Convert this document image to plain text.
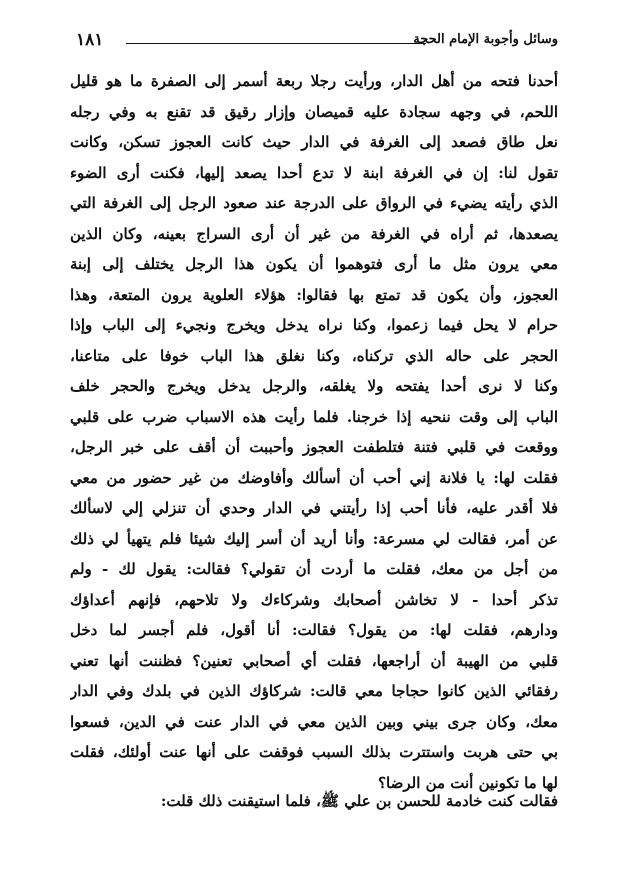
وسائل وأجوبة الإمام الحجة
١٨١
أحدنا فتحه من أهل الدار، ورأيت رجلا ربعة أسمر إلى الصفرة ما هو قليل
اللحم، في وجهه سجادة عليه قميصان وإزار رقيق قد تقنع به وفي رجله
نعل طاق فصعد إلى الغرفة في الدار حيث كانت العجوز تسكن، وكانت
تقول لنا: إن في الغرفة ابنة لا تدع أحدا يصعد إليها، فكنت أرى الضوء
الذي رأيته يضيء في الرواق على الدرجة عند صعود الرجل إلى الغرفة التي
يصعدها، ثم أراه في الغرفة من غير أن أرى السراج بعينه، وكان الذين
معي يرون مثل ما أرى فتوهموا أن يكون هذا الرجل يختلف إلى إبنة
العجوز، وأن يكون قد تمتع بها فقالوا: هؤلاء العلوية يرون المتعة، وهذا
حرام لا يحل فيما زعموا، وكنا نراه يدخل ويخرج ونجيء إلى الباب وإذا
الحجر على حاله الذي تركناه، وكنا نغلق هذا الباب خوفا على متاعنا،
وكنا لا نرى أحدا يفتحه ولا يغلقه، والرجل يدخل ويخرج والحجر خلف
الباب إلى وقت ننحيه إذا خرجنا. فلما رأيت هذه الاسباب ضرب على قلبي
ووقعت في قلبي فتنة فتلطفت العجوز وأحببت أن أقف على خبر الرجل،
فقلت لها: يا فلانة إني أحب أن أسألك وأفاوضك من غير حضور من معي
فلا أقدر عليه، فأنا أحب إذا رأيتني في الدار وحدي أن تنزلي إلي لاسألك
عن أمر، فقالت لي مسرعة: وأنا أريد أن أسر إليك شيئا فلم يتهيأ لي ذلك
من أجل من معك، فقلت ما أردت أن تقولي؟ فقالت: يقول لك - ولم
تذكر أحدا - لا تخاشن أصحابك وشركاءك ولا تلاحهم، فإنهم أعداؤك
ودارهم، فقلت لها: من يقول؟ فقالت: أنا أقول، فلم أجسر لما دخل
قلبي من الهيبة أن أراجعها، فقلت أي أصحابي تعنين؟ فظننت أنها تعني
رفقائي الذين كانوا حجاجا معي قالت: شركاؤك الذين في بلدك وفي الدار
معك، وكان جرى بيني وبين الذين معي في الدار عنت في الدين، فسعوا
بي حتى هربت واستترت بذلك السبب فوقفت على أنها عنت أولئك، فقلت
لها ما تكونين أنت من الرضا؟
فقالت كنت خادمة للحسن بن علي ﷺ، فلما استيقنت ذلك قلت:
